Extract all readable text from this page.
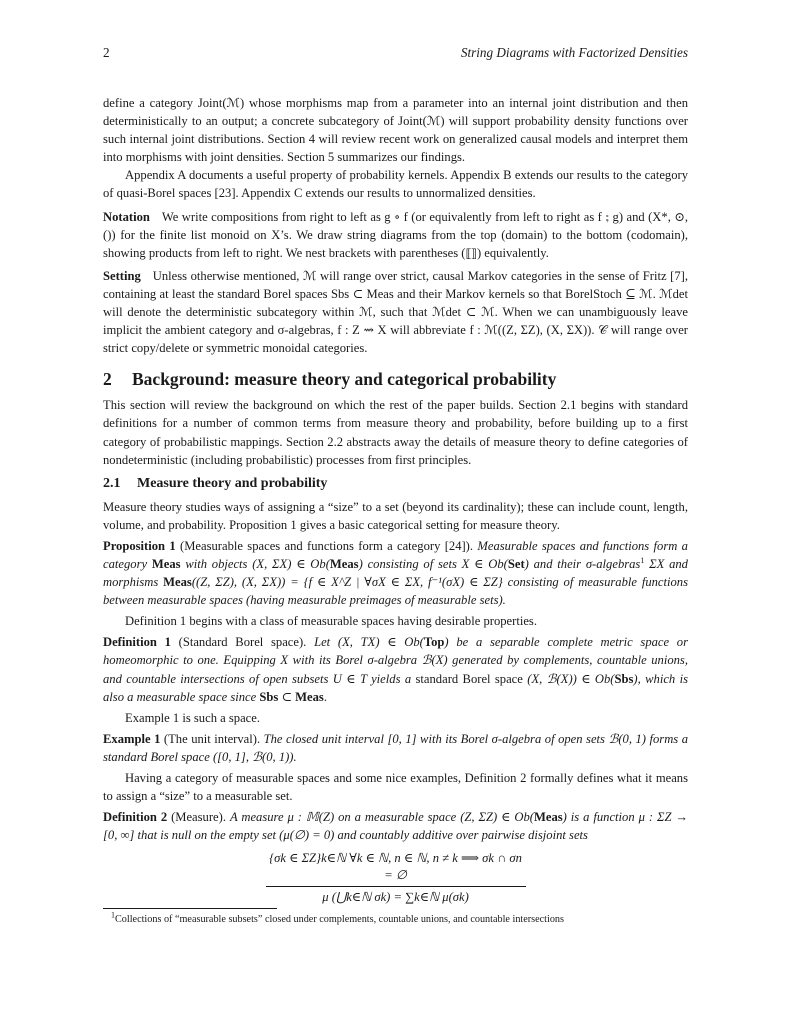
2	String Diagrams with Factorized Densities

define a category Joint(ℳ) whose morphisms map from a parameter into an internal joint distribution and then deterministically to an output; a concrete subcategory of Joint(ℳ) will support probability density functions over such internal joint distributions. Section 4 will review recent work on generalized causal models and interpret them into morphisms with joint densities. Section 5 summarizes our findings.

Appendix A documents a useful property of probability kernels. Appendix B extends our results to the category of quasi-Borel spaces [23]. Appendix C extends our results to unnormalized densities.

Notation We write compositions from right to left as g ∘ f (or equivalently from left to right as f ⨟ g) and (X*, ⊙, ()) for the finite list monoid on X’s. We draw string diagrams from the top (domain) to the bottom (codomain), showing products from left to right. We nest brackets with parentheses (⟦⟧) equivalently.

Setting Unless otherwise mentioned, ℳ will range over strict, causal Markov categories in the sense of Fritz [7], containing at least the standard Borel spaces Sbs ⊂ Meas and their Markov kernels so that BorelStoch ⊆ ℳ. ℳdet will denote the deterministic subcategory within ℳ, such that ℳdet ⊂ ℳ. When we can unambiguously leave implicit the ambient category and σ-algebras, f : Z ⇝ X will abbreviate f : ℳ((Z, ΣZ), (X, ΣX)). 𝒞 will range over strict copy/delete or symmetric monoidal categories.

2 Background: measure theory and categorical probability

This section will review the background on which the rest of the paper builds. Section 2.1 begins with standard definitions for a number of common terms from measure theory and probability, before building up to a first category of probabilistic mappings. Section 2.2 abstracts away the details of measure theory to define categories of nondeterministic (including probabilistic) processes from first principles.

2.1 Measure theory and probability

Measure theory studies ways of assigning a “size” to a set (beyond its cardinality); these can include count, length, volume, and probability. Proposition 1 gives a basic categorical setting for measure theory.

Proposition 1 (Measurable spaces and functions form a category [24]). Measurable spaces and functions form a category Meas with objects (X, ΣX) ∈ Ob(Meas) consisting of sets X ∈ Ob(Set) and their σ-algebras$^1$ ΣX and morphisms Meas((Z, ΣZ), (X, ΣX)) = {f ∈ X^Z | ∀σX ∈ ΣX, f⁻¹(σX) ∈ ΣZ} consisting of measurable functions between measurable spaces (having measurable preimages of measurable sets).

Definition 1 begins with a class of measurable spaces having desirable properties.

Definition 1 (Standard Borel space). Let (X, TX) ∈ Ob(Top) be a separable complete metric space or homeomorphic to one. Equipping X with its Borel σ-algebra ℬ(X) generated by complements, countable unions, and countable intersections of open subsets U ∈ T yields a standard Borel space (X, ℬ(X)) ∈ Ob(Sbs), which is also a measurable space since Sbs ⊂ Meas.

Example 1 is such a space.

Example 1 (The unit interval). The closed unit interval [0, 1] with its Borel σ-algebra of open sets ℬ(0, 1) forms a standard Borel space ([0, 1], ℬ(0, 1)).

Having a category of measurable spaces and some nice examples, Definition 2 formally defines what it means to assign a “size” to a measurable set.

Definition 2 (Measure). A measure μ : 𝕄(Z) on a measurable space (Z, ΣZ) ∈ Ob(Meas) is a function μ : ΣZ → [0, ∞] that is null on the empty set (μ(∅) = 0) and countably additive over pairwise disjoint sets

{σk ∈ ΣZ}k∈ℕ ∀k ∈ ℕ, n ∈ ℕ, n ≠ k ⟹ σk ∩ σn = ∅
μ (⋃k∈ℕ σk) = ∑k∈ℕ μ(σk)
$^1$Collections of “measurable subsets” closed under complements, countable unions, and countable intersections
